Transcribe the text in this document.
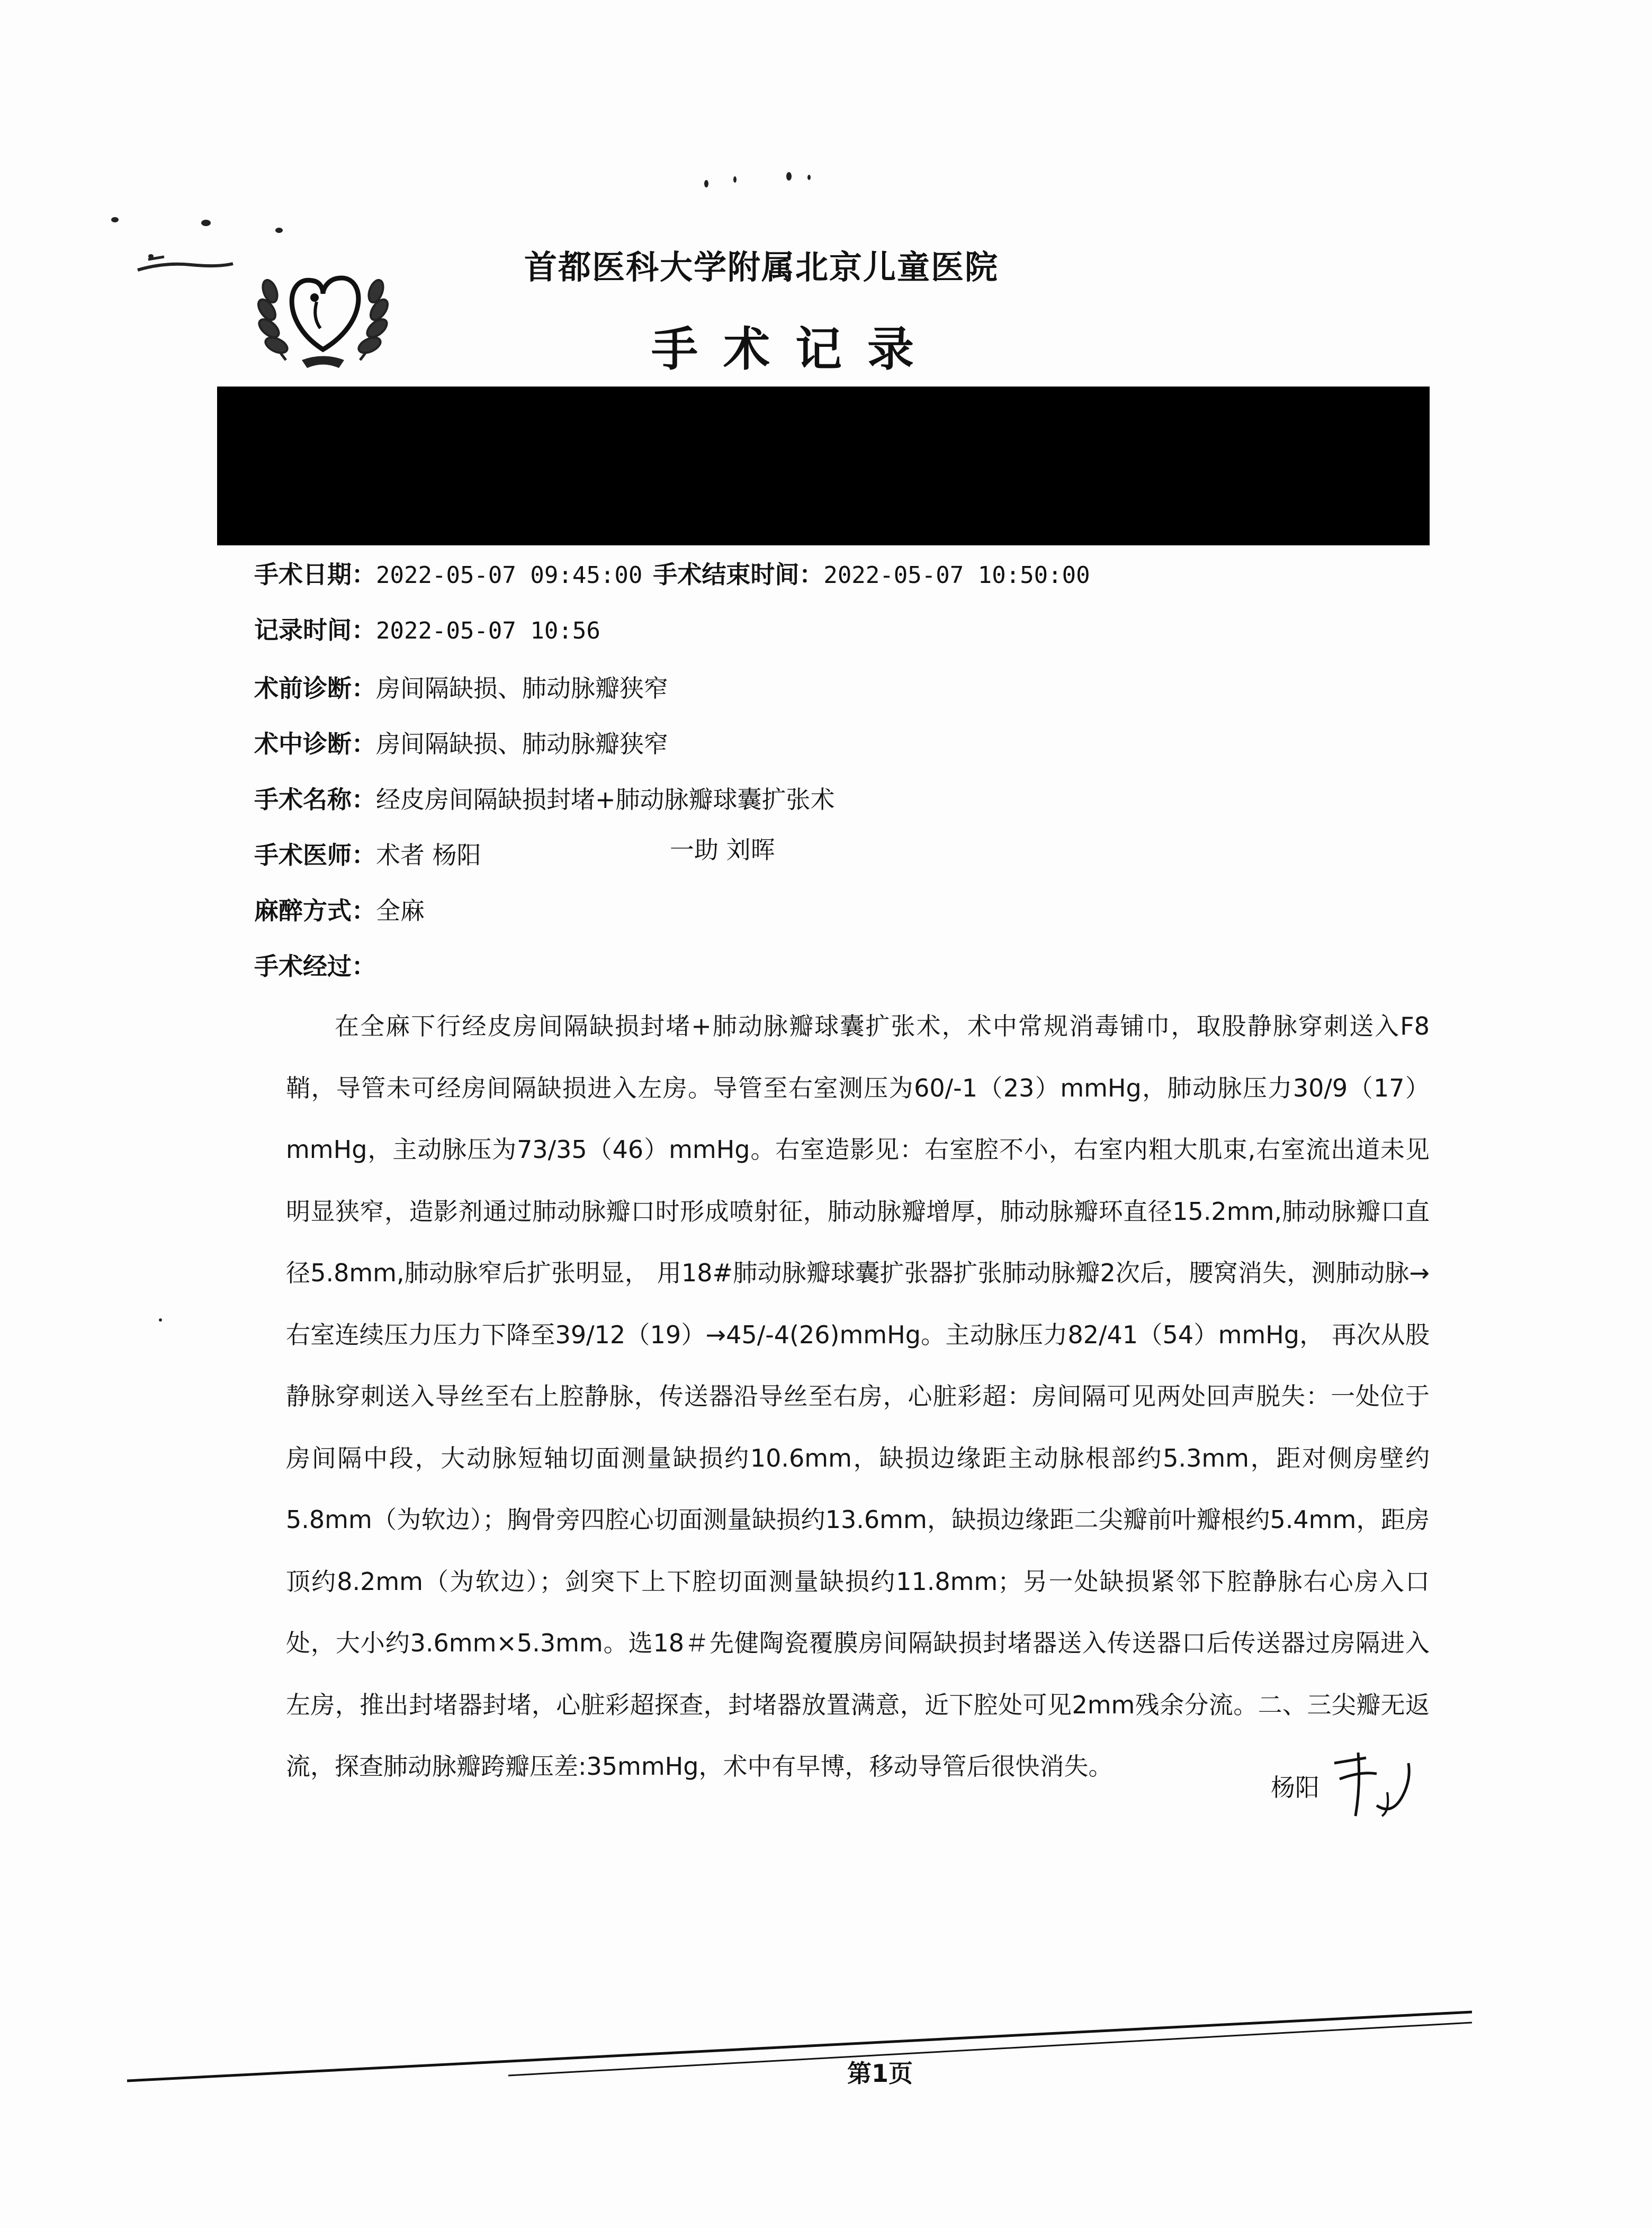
首都医科大学附属北京儿童医院
手术记录
手术日期：2022-05-07 09:45:00 手术结束时间：2022-05-07 10:50:00
记录时间：2022-05-07 10:56
术前诊断：房间隔缺损、肺动脉瓣狭窄
术中诊断：房间隔缺损、肺动脉瓣狭窄
手术名称：经皮房间隔缺损封堵+肺动脉瓣球囊扩张术
手术医师：术者 杨阳	一助 刘晖
麻醉方式：全麻
手术经过：
在全麻下行经皮房间隔缺损封堵+肺动脉瓣球囊扩张术，术中常规消毒铺巾，取股静脉穿刺送入F8鞘，导管未可经房间隔缺损进入左房。导管至右室测压为60/-1（23）mmHg，肺动脉压力30/9（17）mmHg，主动脉压为73/35（46）mmHg。右室造影见：右室腔不小，右室内粗大肌束,右室流出道未见明显狭窄，造影剂通过肺动脉瓣口时形成喷射征，肺动脉瓣增厚，肺动脉瓣环直径15.2mm,肺动脉瓣口直径5.8mm,肺动脉窄后扩张明显， 用18#肺动脉瓣球囊扩张器扩张肺动脉瓣2次后，腰窝消失，测肺动脉→右室连续压力压力下降至39/12（19）→45/-4(26)mmHg。主动脉压力82/41（54）mmHg， 再次从股静脉穿刺送入导丝至右上腔静脉，传送器沿导丝至右房，心脏彩超：房间隔可见两处回声脱失：一处位于房间隔中段，大动脉短轴切面测量缺损约10.6mm，缺损边缘距主动脉根部约5.3mm，距对侧房壁约5.8mm（为软边）；胸骨旁四腔心切面测量缺损约13.6mm，缺损边缘距二尖瓣前叶瓣根约5.4mm，距房顶约8.2mm（为软边）；剑突下上下腔切面测量缺损约11.8mm；另一处缺损紧邻下腔静脉右心房入口处，大小约3.6mm×5.3mm。选18＃先健陶瓷覆膜房间隔缺损封堵器送入传送器口后传送器过房隔进入左房，推出封堵器封堵，心脏彩超探查，封堵器放置满意，近下腔处可见2mm残余分流。二、三尖瓣无返流，探查肺动脉瓣跨瓣压差:35mmHg，术中有早博，移动导管后很快消失。
杨阳
第1页
